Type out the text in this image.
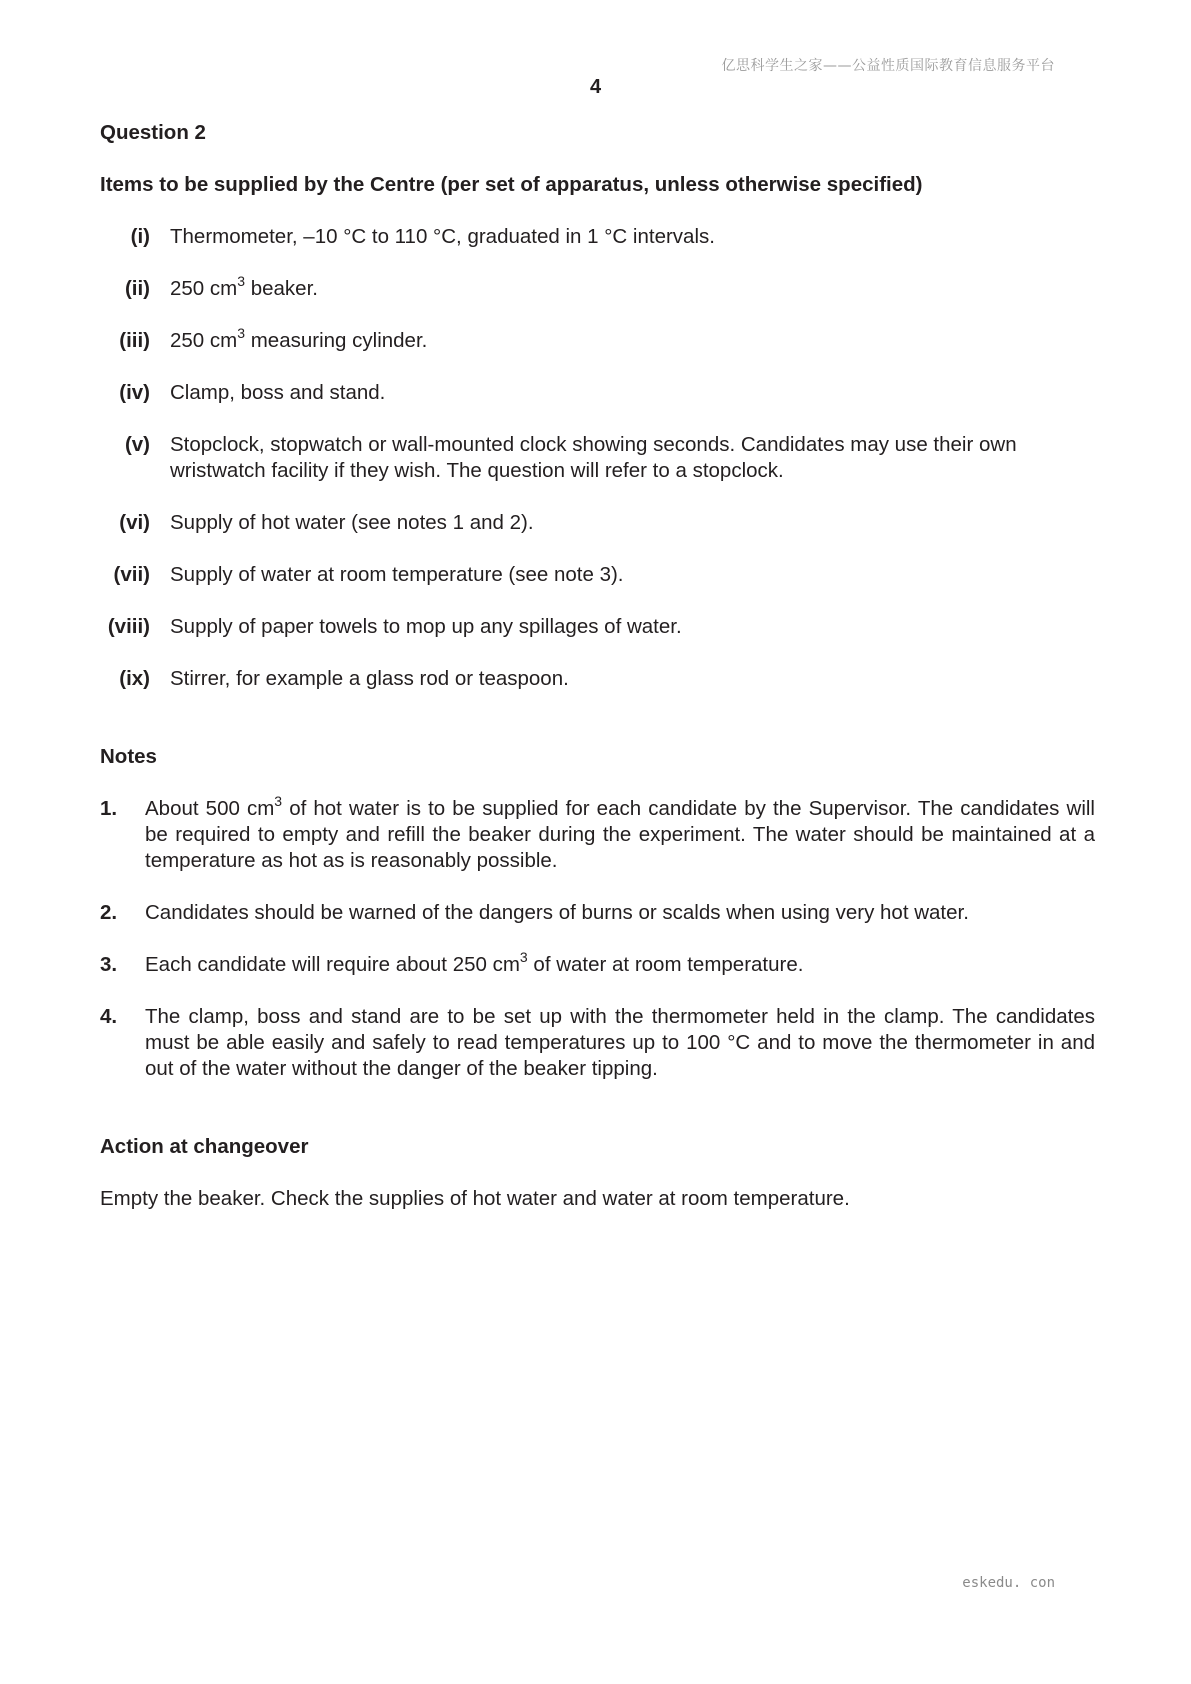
亿思科学生之家——公益性质国际教育信息服务平台
4

Question 2

Items to be supplied by the Centre (per set of apparatus, unless otherwise specified)

(i) Thermometer, –10 °C to 110 °C, graduated in 1 °C intervals.
(ii) 250 $cm^3$ beaker.
(iii) 250 $cm^3$ measuring cylinder.
(iv) Clamp, boss and stand.
(v) Stopclock, stopwatch or wall-mounted clock showing seconds. Candidates may use their own wristwatch facility if they wish. The question will refer to a stopclock.
(vi) Supply of hot water (see notes 1 and 2).
(vii) Supply of water at room temperature (see note 3).
(viii) Supply of paper towels to mop up any spillages of water.
(ix) Stirrer, for example a glass rod or teaspoon.

Notes

1.	About 500 $cm^3$ of hot water is to be supplied for each candidate by the Supervisor. The candidates will be required to empty and refill the beaker during the experiment. The water should be maintained at a temperature as hot as is reasonably possible.
2.	Candidates should be warned of the dangers of burns or scalds when using very hot water.
3.	Each candidate will require about 250 $cm^3$ of water at room temperature.
4.	The clamp, boss and stand are to be set up with the thermometer held in the clamp. The candidates must be able easily and safely to read temperatures up to 100 °C and to move the thermometer in and out of the water without the danger of the beaker tipping.

Action at changeover

Empty the beaker. Check the supplies of hot water and water at room temperature.

eskedu. con
